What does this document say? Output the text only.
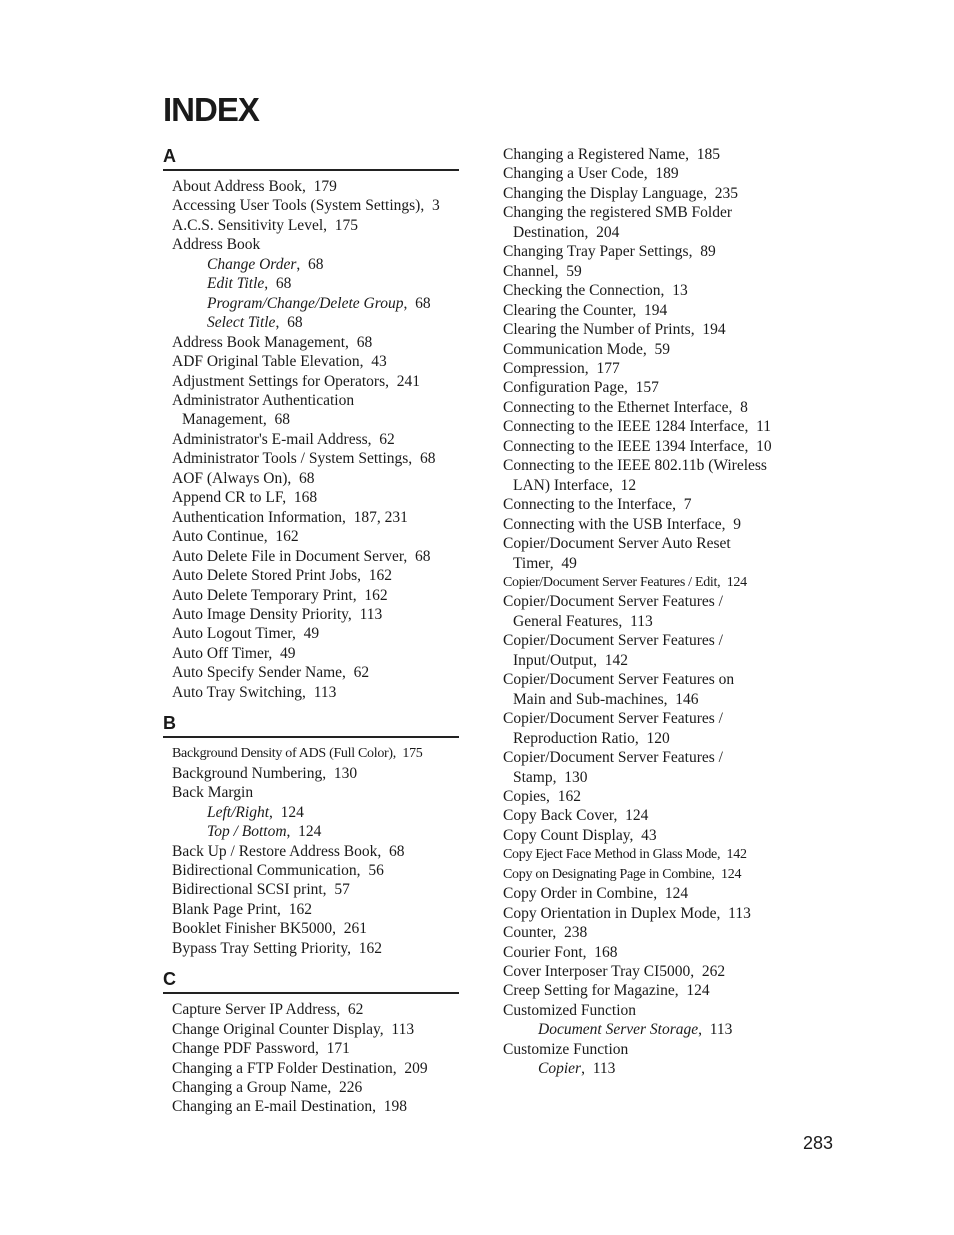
INDEX
A
About Address Book,  179
Accessing User Tools (System Settings),  3
A.C.S. Sensitivity Level,  175
Address Book
Change Order,  68
Edit Title,  68
Program/Change/Delete Group,  68
Select Title,  68
Address Book Management,  68
ADF Original Table Elevation,  43
Adjustment Settings for Operators,  241
Administrator Authentication
Management,  68
Administrator's E-mail Address,  62
Administrator Tools / System Settings,  68
AOF (Always On),  68
Append CR to LF,  168
Authentication Information,  187, 231
Auto Continue,  162
Auto Delete File in Document Server,  68
Auto Delete Stored Print Jobs,  162
Auto Delete Temporary Print,  162
Auto Image Density Priority,  113
Auto Logout Timer,  49
Auto Off Timer,  49
Auto Specify Sender Name,  62
Auto Tray Switching,  113
B
Background Density of ADS (Full Color),  175
Background Numbering,  130
Back Margin
Left/Right,  124
Top / Bottom,  124
Back Up / Restore Address Book,  68
Bidirectional Communication,  56
Bidirectional SCSI print,  57
Blank Page Print,  162
Booklet Finisher BK5000,  261
Bypass Tray Setting Priority,  162
C
Capture Server IP Address,  62
Change Original Counter Display,  113
Change PDF Password,  171
Changing a FTP Folder Destination,  209
Changing a Group Name,  226
Changing an E-mail Destination,  198
Changing a Registered Name,  185
Changing a User Code,  189
Changing the Display Language,  235
Changing the registered SMB Folder
Destination,  204
Changing Tray Paper Settings,  89
Channel,  59
Checking the Connection,  13
Clearing the Counter,  194
Clearing the Number of Prints,  194
Communication Mode,  59
Compression,  177
Configuration Page,  157
Connecting to the Ethernet Interface,  8
Connecting to the IEEE 1284 Interface,  11
Connecting to the IEEE 1394 Interface,  10
Connecting to the IEEE 802.11b (Wireless
LAN) Interface,  12
Connecting to the Interface,  7
Connecting with the USB Interface,  9
Copier/Document Server Auto Reset
Timer,  49
Copier/Document Server Features / Edit,  124
Copier/Document Server Features /
General Features,  113
Copier/Document Server Features /
Input/Output,  142
Copier/Document Server Features on
Main and Sub-machines,  146
Copier/Document Server Features /
Reproduction Ratio,  120
Copier/Document Server Features /
Stamp,  130
Copies,  162
Copy Back Cover,  124
Copy Count Display,  43
Copy Eject Face Method in Glass Mode,  142
Copy on Designating Page in Combine,  124
Copy Order in Combine,  124
Copy Orientation in Duplex Mode,  113
Counter,  238
Courier Font,  168
Cover Interposer Tray CI5000,  262
Creep Setting for Magazine,  124
Customized Function
Document Server Storage,  113
Customize Function
Copier,  113
283
